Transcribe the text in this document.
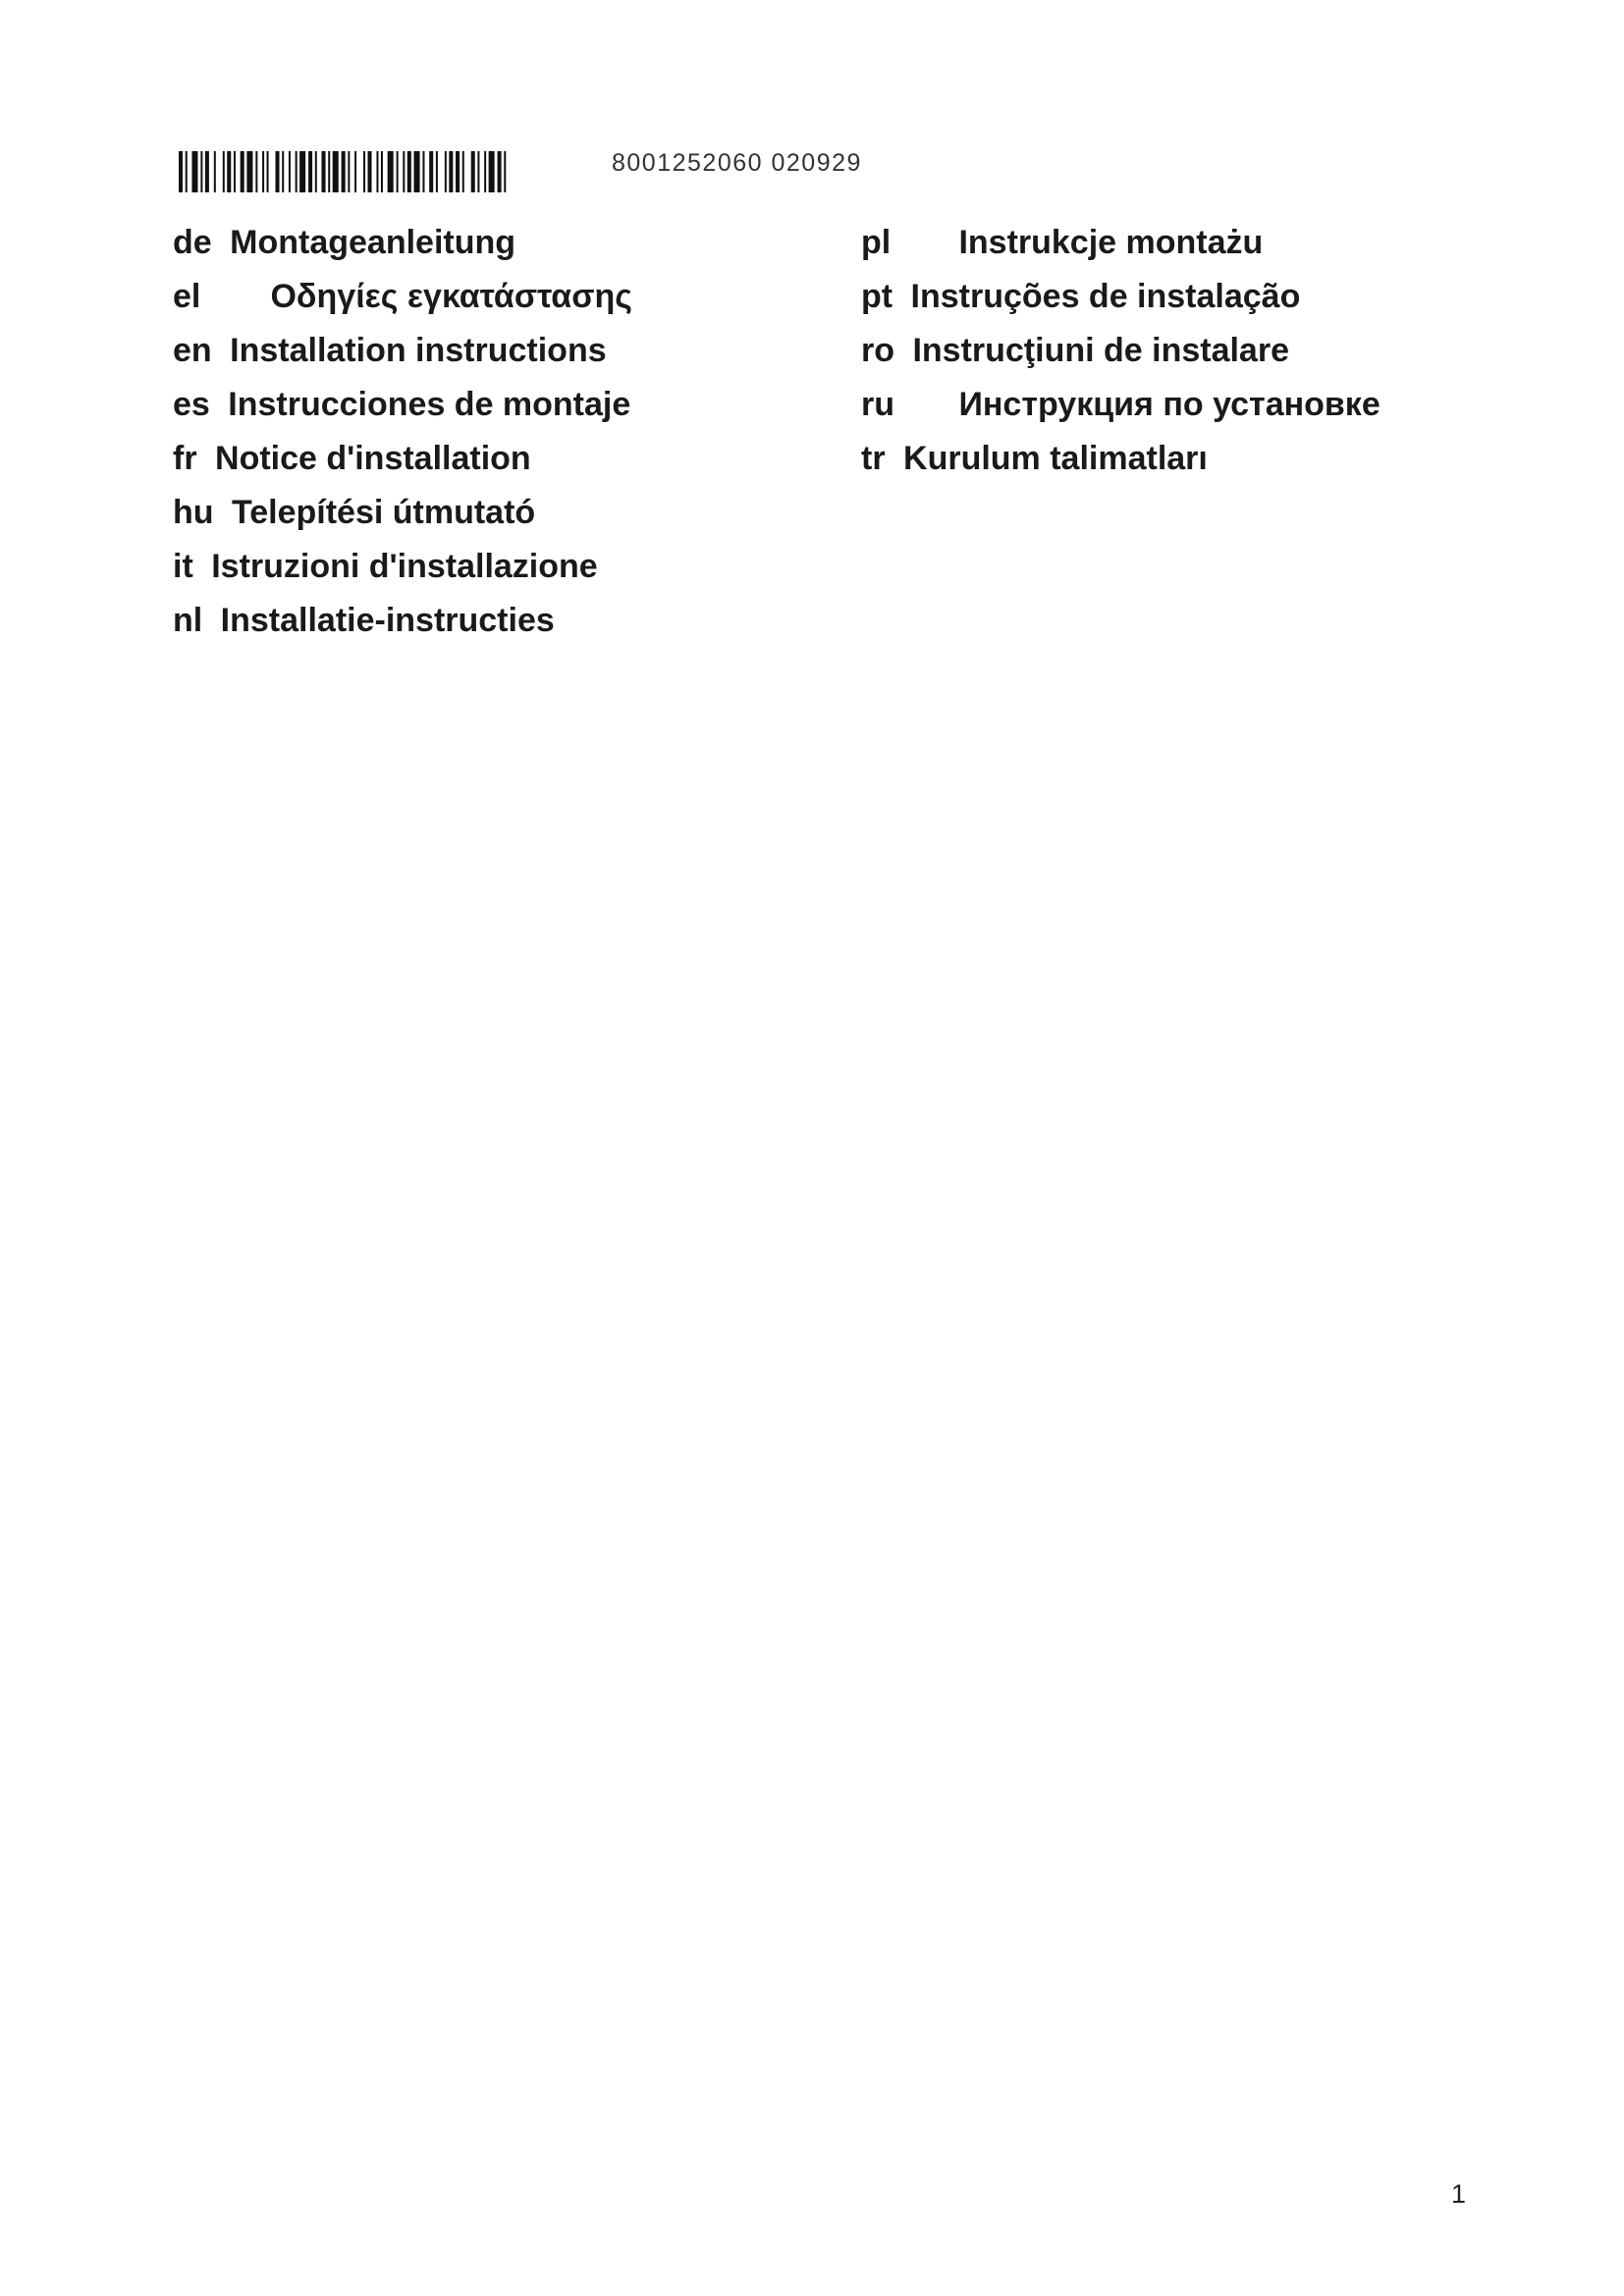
8001252060 020929
de Montageanleitung
el Οδηγίες εγκατάστασης
en Installation instructions
es Instrucciones de montaje
fr Notice d'installation
hu Telepítési útmutató
it Istruzioni d'installazione
nl Installatie-instructies
pl Instrukcje montażu
pt Instruções de instalação
ro Instrucţiuni de instalare
ru Инструкция по установке
tr Kurulum talimatları
1
